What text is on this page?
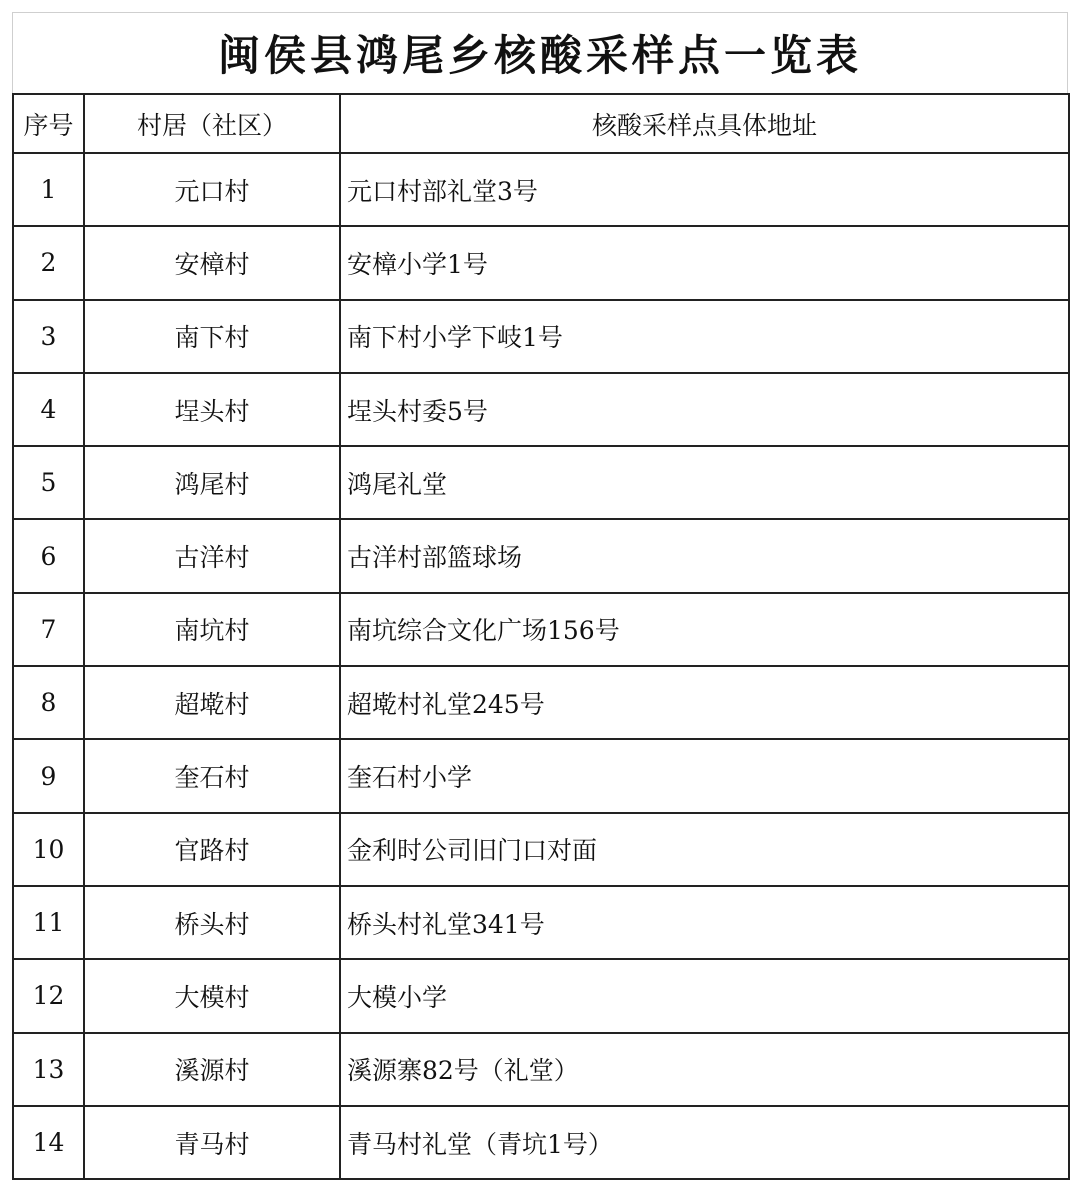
闽侯县鸿尾乡核酸采样点一览表
序号	村居（社区）	核酸采样点具体地址
1	元口村	元口村部礼堂3号
2	安樟村	安樟小学1号
3	南下村	南下村小学下岐1号
4	埕头村	埕头村委5号
5	鸿尾村	鸿尾礼堂
6	古洋村	古洋村部篮球场
7	南坑村	南坑综合文化广场156号
8	超墘村	超墘村礼堂245号
9	奎石村	奎石村小学
10	官路村	金利时公司旧门口对面
11	桥头村	桥头村礼堂341号
12	大模村	大模小学
13	溪源村	溪源寨82号（礼堂）
14	青马村	青马村礼堂（青坑1号）
